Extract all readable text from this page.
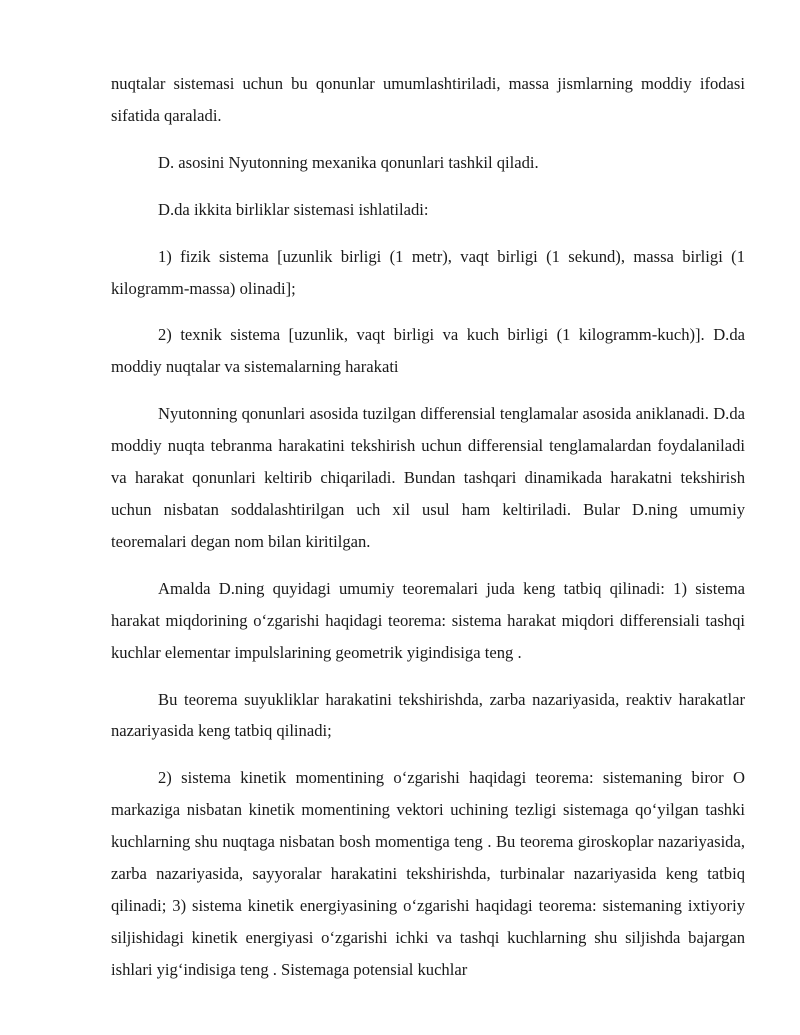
nuqtalar sistemasi uchun bu qonunlar umumlashtiriladi, massa jismlarning moddiy ifodasi sifatida qaraladi.

D. asosini Nyutonning mexanika qonunlari tashkil qiladi.

D.da ikkita birliklar sistemasi ishlatiladi:

1) fizik sistema [uzunlik birligi (1 metr), vaqt birligi (1 sekund), massa birligi (1 kilogramm-massa) olinadi];

2) texnik sistema [uzunlik, vaqt birligi va kuch birligi (1 kilogramm-kuch)]. D.da moddiy nuqtalar va sistemalarning harakati

Nyutonning qonunlari asosida tuzilgan differensial tenglamalar asosida aniklanadi. D.da moddiy nuqta tebranma harakatini tekshirish uchun differensial tenglamalardan foydalaniladi va harakat qonunlari keltirib chiqariladi. Bundan tashqari dinamikada harakatni tekshirish uchun nisbatan soddalashtirilgan uch xil usul ham keltiriladi. Bular D.ning umumiy teoremalari degan nom bilan kiritilgan.

Amalda D.ning quyidagi umumiy teoremalari juda keng tatbiq qilinadi: 1) sistema harakat miqdorining o‘zgarishi haqidagi teorema: sistema harakat miqdori differensiali tashqi kuchlar elementar impulslarining geometrik yigindisiga teng .

Bu teorema suyukliklar harakatini tekshirishda, zarba nazariyasida, reaktiv harakatlar nazariyasida keng tatbiq qilinadi;

2) sistema kinetik momentining o‘zgarishi haqidagi teorema: sistemaning biror O markaziga nisbatan kinetik momentining vektori uchining tezligi sistemaga qo‘yilgan tashki kuchlarning shu nuqtaga nisbatan bosh momentiga teng . Bu teorema giroskoplar nazariyasida, zarba nazariyasida, sayyoralar harakatini tekshirishda, turbinalar nazariyasida keng tatbiq qilinadi; 3) sistema kinetik energiyasining o‘zgarishi haqidagi teorema: sistemaning ixtiyoriy siljishidagi kinetik energiyasi o‘zgarishi ichki va tashqi kuchlarning shu siljishda bajargan ishlari yig‘indisiga teng . Sistemaga potensial kuchlar
